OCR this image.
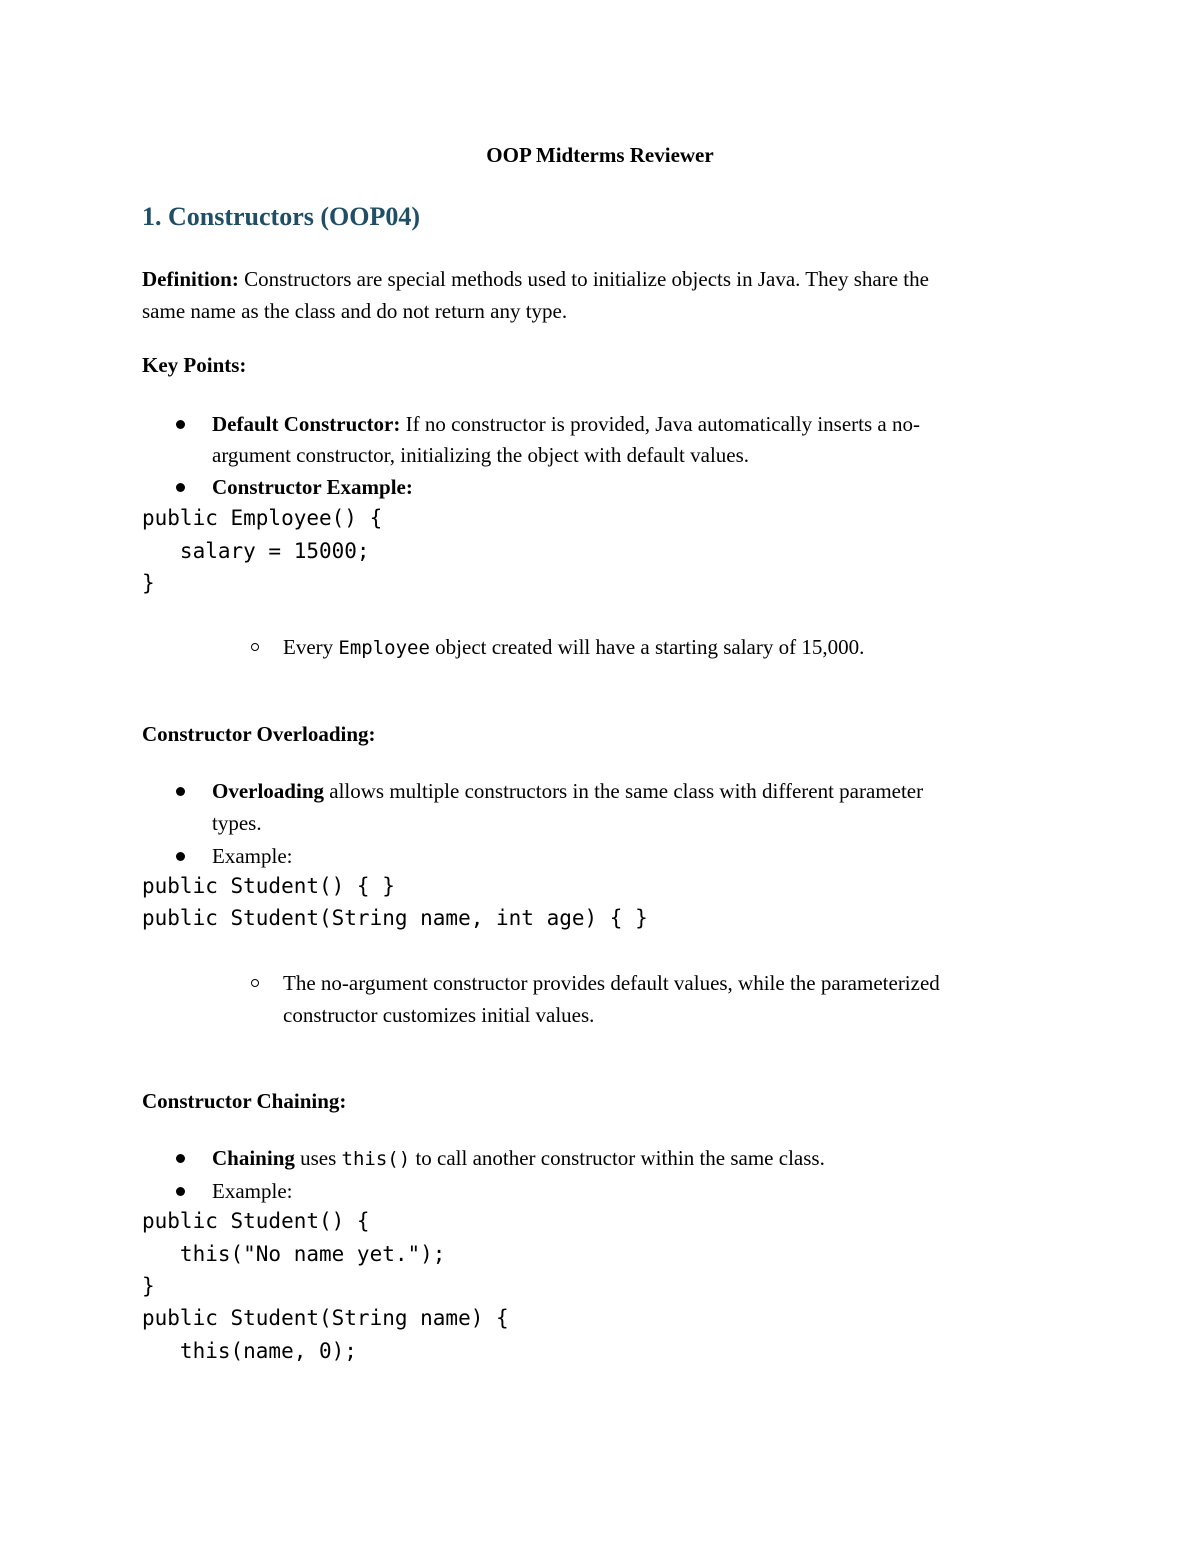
OOP Midterms Reviewer
1. Constructors (OOP04)
Definition: Constructors are special methods used to initialize objects in Java. They share the
same name as the class and do not return any type.
Key Points:
Default Constructor: If no constructor is provided, Java automatically inserts a no-
argument constructor, initializing the object with default values.
Constructor Example:
public Employee() {
salary = 15000;
}
Every Employee object created will have a starting salary of 15,000.
Constructor Overloading:
Overloading allows multiple constructors in the same class with different parameter
types.
Example:
public Student() { }
public Student(String name, int age) { }
The no-argument constructor provides default values, while the parameterized
constructor customizes initial values.
Constructor Chaining:
Chaining uses this() to call another constructor within the same class.
Example:
public Student() {
this("No name yet.");
}
public Student(String name) {
this(name, 0);
